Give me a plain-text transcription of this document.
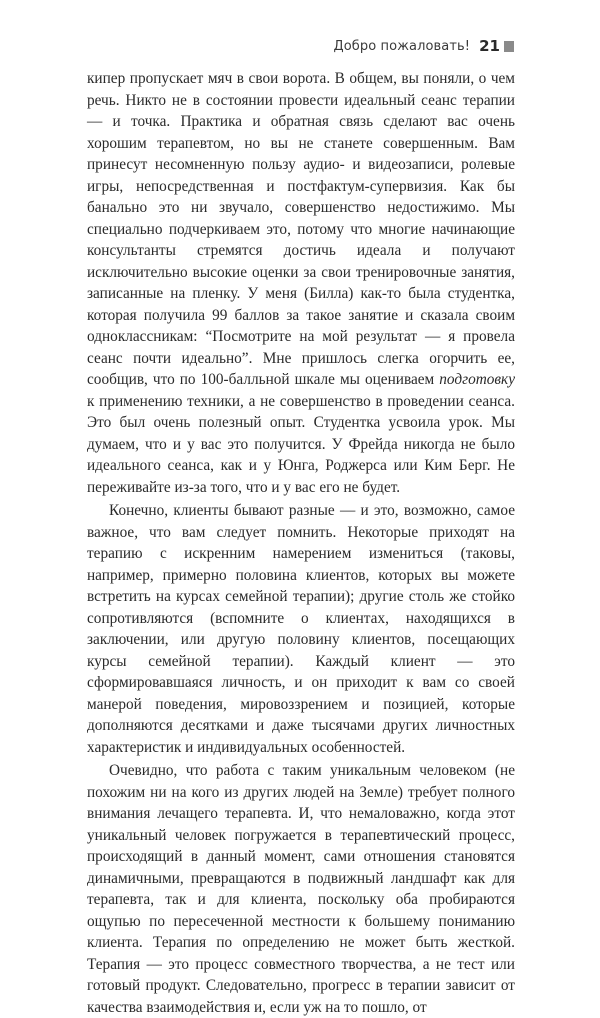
Добро пожаловать! 21

кипер пропускает мяч в свои ворота. В общем, вы поняли, о чем речь. Никто не в состоянии провести идеальный сеанс терапии — и точка. Практика и обратная связь сделают вас очень хорошим терапевтом, но вы не станете совершенным. Вам принесут несомненную пользу аудио- и видеозаписи, ролевые игры, непосредственная и постфактум-супервизия. Как бы банально это ни звучало, совершенство недостижимо. Мы специально подчеркиваем это, потому что многие начинающие консультанты стремятся достичь идеала и получают исключительно высокие оценки за свои тренировочные занятия, записанные на пленку. У меня (Билла) как-то была студентка, которая получила 99 баллов за такое занятие и сказала своим одноклассникам: “Посмотрите на мой результат — я провела сеанс почти идеально”. Мне пришлось слегка огорчить ее, сообщив, что по 100-балльной шкале мы оцениваем подготовку к применению техники, а не совершенство в проведении сеанса. Это был очень полезный опыт. Студентка усвоила урок. Мы думаем, что и у вас это получится. У Фрейда никогда не было идеального сеанса, как и у Юнга, Роджерса или Ким Берг. Не переживайте из-за того, что и у вас его не будет.

Конечно, клиенты бывают разные — и это, возможно, самое важное, что вам следует помнить. Некоторые приходят на терапию с искренним намерением измениться (таковы, например, примерно половина клиентов, которых вы можете встретить на курсах семейной терапии); другие столь же стойко сопротивляются (вспомните о клиентах, находящихся в заключении, или другую половину клиентов, посещающих курсы семейной терапии). Каждый клиент — это сформировавшаяся личность, и он приходит к вам со своей манерой поведения, мировоззрением и позицией, которые дополняются десятками и даже тысячами других личностных характеристик и индивидуальных особенностей.

Очевидно, что работа с таким уникальным человеком (не похожим ни на кого из других людей на Земле) требует полного внимания лечащего терапевта. И, что немаловажно, когда этот уникальный человек погружается в терапевтический процесс, происходящий в данный момент, сами отношения становятся динамичными, превращаются в подвижный ландшафт как для терапевта, так и для клиента, поскольку оба пробираются ощупью по пересеченной местности к большему пониманию клиента. Терапия по определению не может быть жесткой. Терапия — это процесс совместного творчества, а не тест или готовый продукт. Следовательно, прогресс в терапии зависит от качества взаимодействия и, если уж на то пошло, от
